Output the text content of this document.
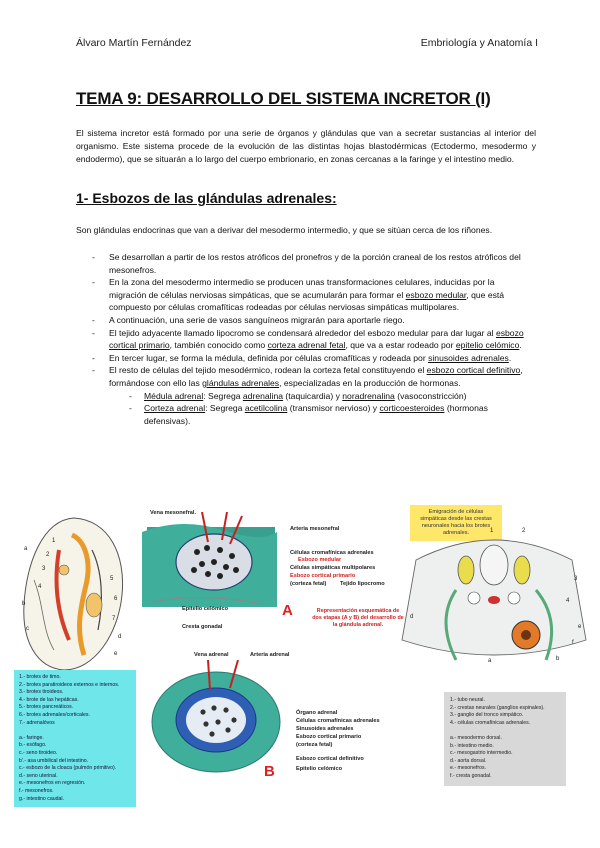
Álvaro Martín Fernández	Embriología y Anatomía I
TEMA 9: DESARROLLO DEL SISTEMA INCRETOR (I)

El sistema incretor está formado por una serie de órganos y glándulas que van a secretar sustancias al interior del organismo. Este sistema procede de la evolución de las distintas hojas blastodérmicas (Ectodermo, mesodermo y endodermo), que se situarán a lo largo del cuerpo embrionario, en zonas cercanas a la faringe y el intestino medio.

1- Esbozos de las glándulas adrenales:

Son glándulas endocrinas que van a derivar del mesodermo intermedio, y que se sitúan cerca de los riñones.

- Se desarrollan a partir de los restos atróficos del pronefros y de la porción craneal de los restos atróficos del mesonefros.
- En la zona del mesodermo intermedio se producen unas transformaciones celulares, inducidas por la migración de células nerviosas simpáticas, que se acumularán para formar el esbozo medular, que está compuesto por células cromafíticas rodeadas por células nerviosas simpáticas multipolares.
- A continuación, una serie de vasos sanguíneos migrarán para aportarle riego.
- El tejido adyacente llamado lipocromo se condensará alrededor del esbozo medular para dar lugar al esbozo cortical primario, también conocido como corteza adrenal fetal, que va a estar rodeado por epitelio celómico.
- En tercer lugar, se forma la médula, definida por células cromafíticas y rodeada por sinusoides adrenales.
- El resto de células del tejido mesodérmico, rodean la corteza fetal constituyendo el esbozo cortical definitivo, formándose con ello las glándulas adrenales, especializadas en la producción de hormonas.
- Médula adrenal: Segrega adrenalina (taquicardia) y noradrenalina (vasoconstricción)
- Corteza adrenal: Segrega acetilcolina (transmisor nervioso) y corticoesteroides (hormonas defensivas).
1
2
3
4
5
6
7
a
b
c
d
e
Vena mesonefral.
Arteria mesonefral
Células cromafínicas adrenales
Esbozo medular
Células simpáticas multipolares
Esbozo cortical primario
(corteza fetal) Tejido lipocromo
Epitelio celómico
Cresta gonadal
A
Emigración de células simpáticas desde las crestas neuronales hacia los brotes adrenales.	1	2
3
4
d
e
f
b
a
Representación esquemática de dos etapas (A y B) del desarrollo de la glándula adrenal.
Vena adrenal	Arteria adrenal
Órgano adrenal
Células cromafínicas adrenales
Sinusoides adrenales
Esbozo cortical primario
(corteza fetal)
Esbozo cortical definitivo
Epitelio celómico
B
1.- brotes de timo.
2.- brotes paratiroideos externos e internos.
3.- brotes tiroideos.
4.- brote de las hepáticas.
5.- brotes pancreáticos.
6.- brotes adrenales/corticales.
7.- adrenalóvos

a.- faringe.
b.- esófago.
c.- seno tiroideo.
b'.- asa umbilical del intestino.
c.- esbozo de la cloaca (pulmón primitivo).
d.- seno uterinal.
e.- mesonefros en regresión.
f.- mesonefros.
g.- intestino caudal.
1.- tubo neural.
2.- crestas neurales (ganglios espinales).
3.- ganglio del tronco simpático.
4.- células cromafínicas adrenales.

a.- mesodermo dorsal.
b.- intestino medio.
c.- mesogastrio intermedio.
d.- aorta dorsal.
e.- mesonefros.
f.- cresta gonadal.
